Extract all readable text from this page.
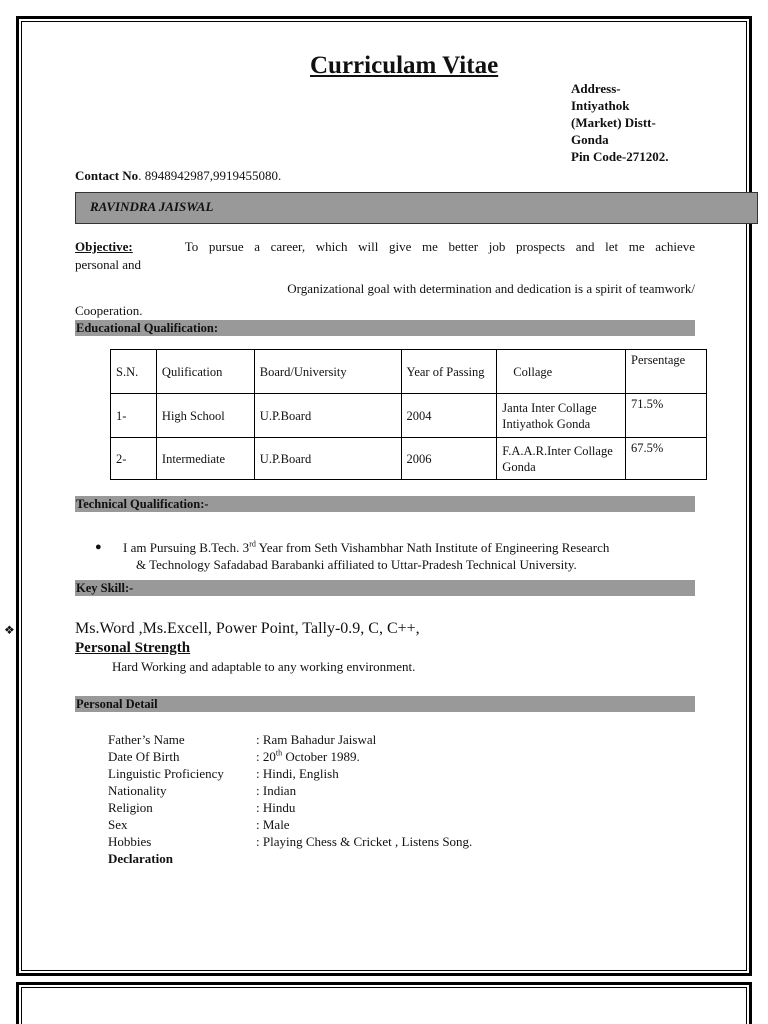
Curriculam Vitae
Address-
Intiyathok
(Market) Distt-
Gonda
Pin Code-271202.
Contact No. 8948942987,9919455080.
RAVINDRA JAISWAL
Objective:	To pursue a career, which will give me better job prospects and let me achieve
personal and
Organizational goal with determination and dedication is a spirit of teamwork/
Cooperation.
Educational Qualification:
S.N.	Qulification	Board/University	Year of Passing	Collage	Persentage
1-	High School	U.P.Board	2004	Janta Inter Collage Intiyathok Gonda	71.5%
2-	Intermediate	U.P.Board	2006	F.A.A.R.Inter Collage Gonda	67.5%
Technical Qualification:-
●	I am Pursuing B.Tech. 3rd Year from Seth Vishambhar Nath Institute of Engineering Research
& Technology Safadabad Barabanki affiliated to Uttar-Pradesh Technical University.
Key Skill:-
❖	Ms.Word ,Ms.Excell, Power Point, Tally-0.9, C, C++,
Personal Strength
Hard Working and adaptable to any working environment.
Personal Detail
Father’s Name	: Ram Bahadur Jaiswal
Date Of Birth	: 20th October 1989.
Linguistic Proficiency	: Hindi, English
Nationality	: Indian
Religion	: Hindu
Sex	: Male
Hobbies	: Playing Chess & Cricket , Listens Song.
Declaration
